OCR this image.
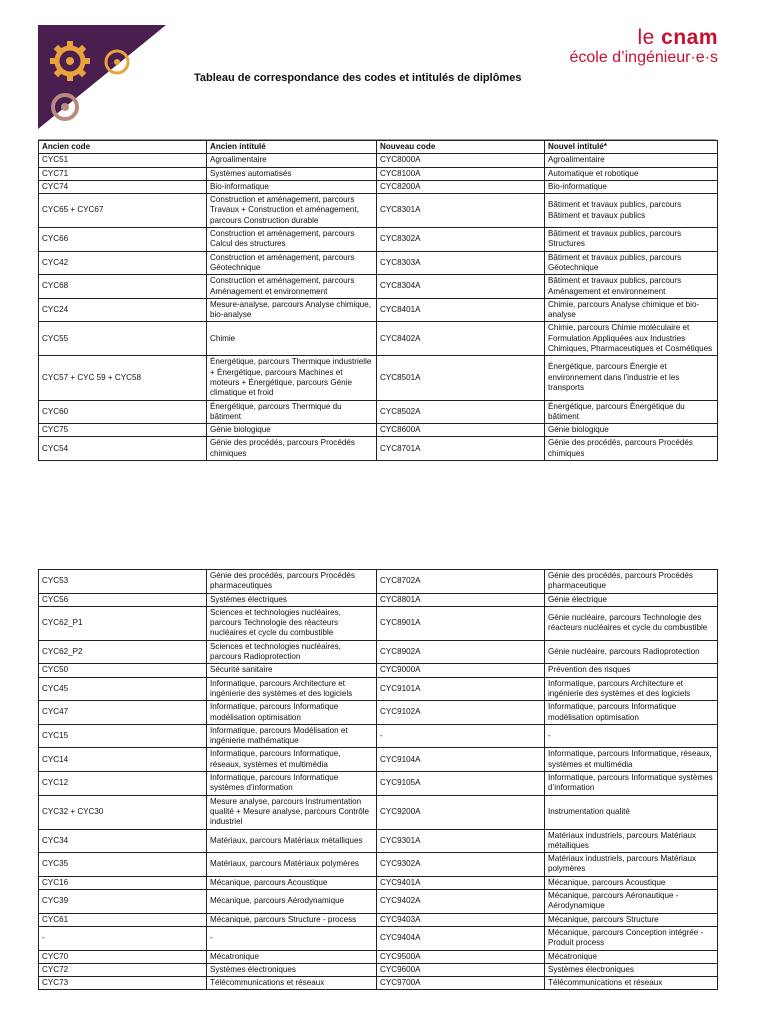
le cnam
école d’ingénieur·e·s
Tableau de correspondance des codes et intitulés de diplômes
Ancien code	Ancien intitulé	Nouveau code	Nouvel intitulé*
CYC51	Agroalimentaire	CYC8000A	Agroalimentaire
CYC71	Systèmes automatisés	CYC8100A	Automatique et robotique
CYC74	Bio-informatique	CYC8200A	Bio-informatique
CYC65 + CYC67	Construction et aménagement, parcours Travaux + Construction et aménagement, parcours Construction durable	CYC8301A	Bâtiment et travaux publics, parcours Bâtiment et travaux publics
CYC66	Construction et aménagement, parcours Calcul des structures	CYC8302A	Bâtiment et travaux publics, parcours Structures
CYC42	Construction et aménagement, parcours Géotechnique	CYC8303A	Bâtiment et travaux publics, parcours Géotechnique
CYC68	Construction et aménagement, parcours Aménagement et environnement	CYC8304A	Bâtiment et travaux publics, parcours Aménagement et environnement
CYC24	Mesure-analyse, parcours Analyse chimique, bio-analyse	CYC8401A	Chimie, parcours Analyse chimique et bio-analyse
CYC55	Chimie	CYC8402A	Chimie, parcours Chimie moléculaire et Formulation Appliquées aux Industries Chimiques, Pharmaceutiques et Cosmétiques
CYC57 + CYC 59 + CYC58	Énergétique, parcours Thermique industrielle + Énergétique, parcours Machines et moteurs + Énergétique, parcours Génie climatique et froid	CYC8501A	Énergétique, parcours Énergie et environnement dans l’industrie et les transports
CYC60	Énergétique, parcours Thermique du bâtiment	CYC8502A	Énergétique, parcours Énergétique du bâtiment
CYC75	Génie biologique	CYC8600A	Génie biologique
CYC54	Génie des procédés, parcours Procédés chimiques	CYC8701A	Génie des procédés, parcours Procédés chimiques
CYC53	Génie des procédés, parcours Procédés pharmaceutiques	CYC8702A	Génie des procédés, parcours Procédés pharmaceutique
CYC56	Systèmes électriques	CYC8801A	Génie électrique
CYC62_P1	Sciences et technologies nucléaires, parcours Technologie des réacteurs nucléaires et cycle du combustible	CYC8901A	Génie nucléaire, parcours Technologie des réacteurs nucléaires et cycle du combustible
CYC62_P2	Sciences et technologies nucléaires, parcours Radioprotection	CYC8902A	Génie nucléaire, parcours Radioprotection
CYC50	Sécurité sanitaire	CYC9000A	Prévention des risques
CYC45	Informatique, parcours Architecture et ingénierie des systèmes et des logiciels	CYC9101A	Informatique, parcours Architecture et ingénierie des systèmes et des logiciels
CYC47	Informatique, parcours Informatique modélisation optimisation	CYC9102A	Informatique, parcours Informatique modélisation optimisation
CYC15	Informatique, parcours Modélisation et ingénierie mathématique	-	-
CYC14	Informatique, parcours Informatique, réseaux, systèmes et multimédia	CYC9104A	Informatique, parcours Informatique, réseaux, systèmes et multimédia
CYC12	Informatique, parcours Informatique systèmes d’information	CYC9105A	Informatique, parcours Informatique systèmes d’information
CYC32 + CYC30	Mesure analyse, parcours Instrumentation qualité + Mesure analyse, parcours Contrôle industriel	CYC9200A	Instrumentation qualité
CYC34	Matériaux, parcours Matériaux métalliques	CYC9301A	Matériaux industriels, parcours Matériaux métalliques
CYC35	Matériaux, parcours Matériaux polymères	CYC9302A	Matériaux industriels, parcours Matériaux polymères
CYC16	Mécanique, parcours Acoustique	CYC9401A	Mécanique, parcours Acoustique
CYC39	Mécanique, parcours Aérodynamique	CYC9402A	Mécanique, parcours Aéronautique - Aérodynamique
CYC61	Mécanique, parcours Structure - process	CYC9403A	Mécanique, parcours Structure
-	-	CYC9404A	Mécanique, parcours Conception intégrée - Produit process
CYC70	Mécatronique	CYC9500A	Mécatronique
CYC72	Systèmes électroniques	CYC9600A	Systèmes électroniques
CYC73	Télécommunications et réseaux	CYC9700A	Télécommunications et réseaux
